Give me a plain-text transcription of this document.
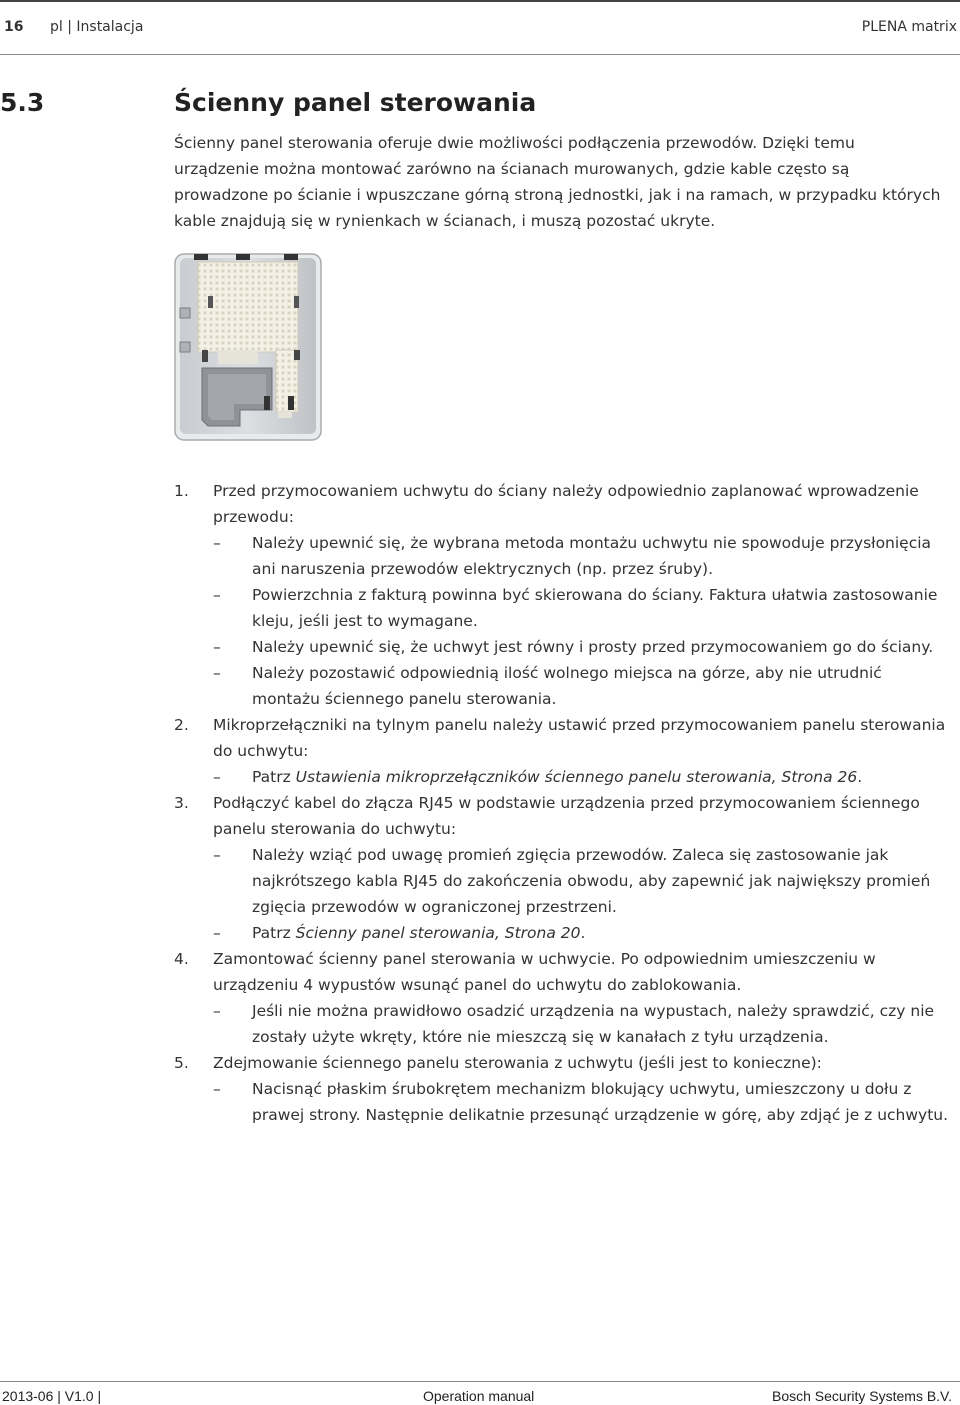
16 pl | Instalacja	PLENA matrix
5.3	Ścienny panel sterowania

Ścienny panel sterowania oferuje dwie możliwości podłączenia przewodów. Dzięki temu urządzenie można montować zarówno na ścianach murowanych, gdzie kable często są prowadzone po ścianie i wpuszczane górną stroną jednostki, jak i na ramach, w przypadku których kable znajdują się w rynienkach w ścianach, i muszą pozostać ukryte.

1. Przed przymocowaniem uchwytu do ściany należy odpowiednio zaplanować wprowadzenie przewodu:
– Należy upewnić się, że wybrana metoda montażu uchwytu nie spowoduje przysłonięcia ani naruszenia przewodów elektrycznych (np. przez śruby).
– Powierzchnia z fakturą powinna być skierowana do ściany. Faktura ułatwia zastosowanie kleju, jeśli jest to wymagane.
– Należy upewnić się, że uchwyt jest równy i prosty przed przymocowaniem go do ściany.
– Należy pozostawić odpowiednią ilość wolnego miejsca na górze, aby nie utrudnić montażu ściennego panelu sterowania.
2. Mikroprzełączniki na tylnym panelu należy ustawić przed przymocowaniem panelu sterowania do uchwytu:
– Patrz Ustawienia mikroprzełączników ściennego panelu sterowania, Strona 26.
3. Podłączyć kabel do złącza RJ45 w podstawie urządzenia przed przymocowaniem ściennego panelu sterowania do uchwytu:
– Należy wziąć pod uwagę promień zgięcia przewodów. Zaleca się zastosowanie jak najkrótszego kabla RJ45 do zakończenia obwodu, aby zapewnić jak największy promień zgięcia przewodów w ograniczonej przestrzeni.
– Patrz Ścienny panel sterowania, Strona 20.
4. Zamontować ścienny panel sterowania w uchwycie. Po odpowiednim umieszczeniu w urządzeniu 4 wypustów wsunąć panel do uchwytu do zablokowania.
– Jeśli nie można prawidłowo osadzić urządzenia na wypustach, należy sprawdzić, czy nie zostały użyte wkręty, które nie mieszczą się w kanałach z tyłu urządzenia.
5. Zdejmowanie ściennego panelu sterowania z uchwytu (jeśli jest to konieczne):
– Nacisnąć płaskim śrubokrętem mechanizm blokujący uchwytu, umieszczony u dołu z prawej strony. Następnie delikatnie przesunąć urządzenie w górę, aby zdjąć je z uchwytu.
2013-06 | V1.0 |	Operation manual	Bosch Security Systems B.V.
